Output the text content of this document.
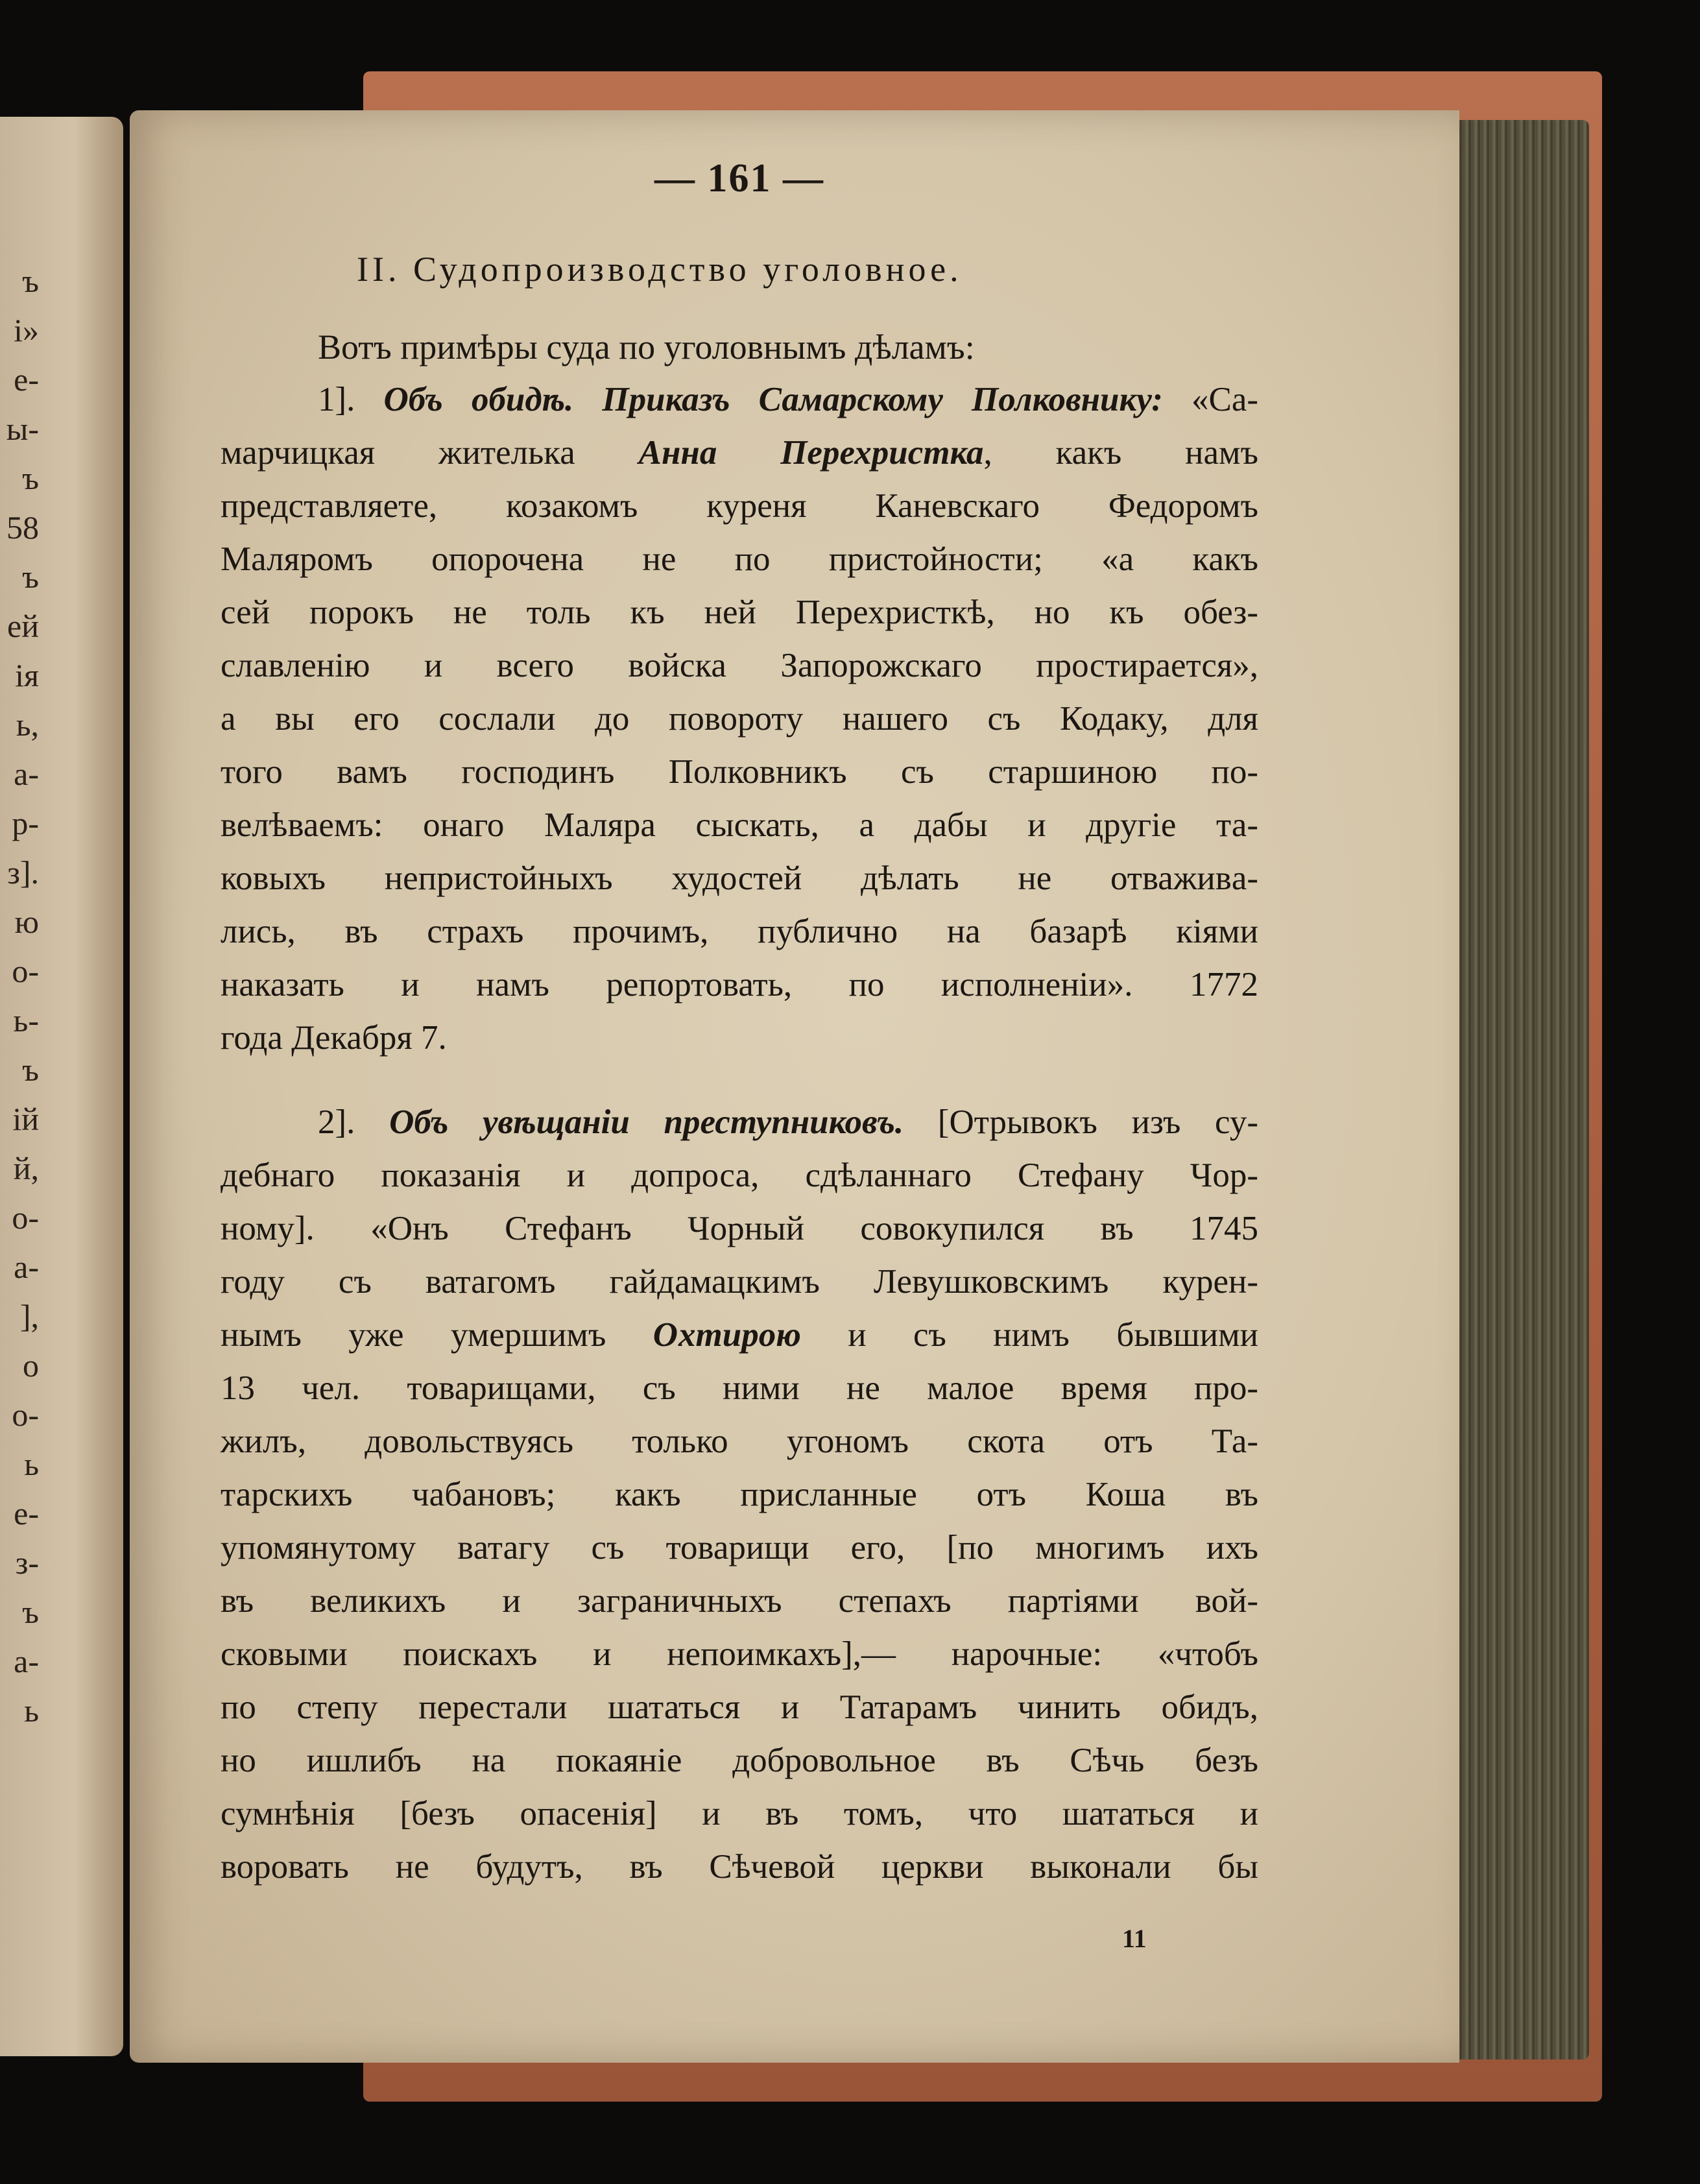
ъ
і»
е-
ы-
ъ
58
ъ
ей
ія
ь,
а-
р-
з].
ю
о-
ь-
ъ
ій
й,
о-
а-
],
о
о-
ь
е-
з-
ъ
а-
ь
— 161 —
II. Судопроизводство уголовное.
Вотъ примѣры суда по уголовнымъ дѣламъ:
1]. Объ обидѣ. Приказъ Самарскому Полковнику: «Са-
марчицкая жителька Анна Перехристка, какъ намъ
представляете, козакомъ куреня Каневскаго Федоромъ
Маляромъ опорочена не по пристойности; «а какъ
сей порокъ не толь къ ней Перехристкѣ, но къ обез-
славленію и всего войска Запорожскаго простирается»,
а вы его сослали до повороту нашего съ Кодаку, для
того вамъ господинъ Полковникъ съ старшиною по-
велѣваемъ: онаго Маляра сыскать, а дабы и другіе та-
ковыхъ непристойныхъ худостей дѣлать не отваживa-
лись, въ страхъ прочимъ, публично на базарѣ кіями
наказать и намъ репортовать, по исполненіи». 1772
года Декабря 7.
2]. Объ увѣщаніи преступниковъ. [Отрывокъ изъ су-
дебнаго показанія и допроса, сдѣланнаго Стефану Чор-
ному]. «Онъ Стефанъ Чорный совокупился въ 1745
году съ ватагомъ гайдамацкимъ Левушковскимъ курен-
нымъ уже умершимъ Охтирою и съ нимъ бывшими
13 чел. товарищами, съ ними не малое время про-
жилъ, довольствуясь только угономъ скота отъ Та-
тарскихъ чабановъ; какъ присланные отъ Коша въ
упомянутому ватагу съ товарищи его, [по многимъ ихъ
въ великихъ и заграничныхъ степахъ партіями вой-
сковыми поискахъ и непоимкахъ],— нарочные: «чтобъ
по степу перестали шататься и Татарамъ чинить обидъ,
но ишлибъ на покаяніе добровольное въ Сѣчь безъ
сумнѣнія [безъ опасенія] и въ томъ, что шататься и
воровать не будутъ, въ Сѣчевой церкви выконали бы
11
